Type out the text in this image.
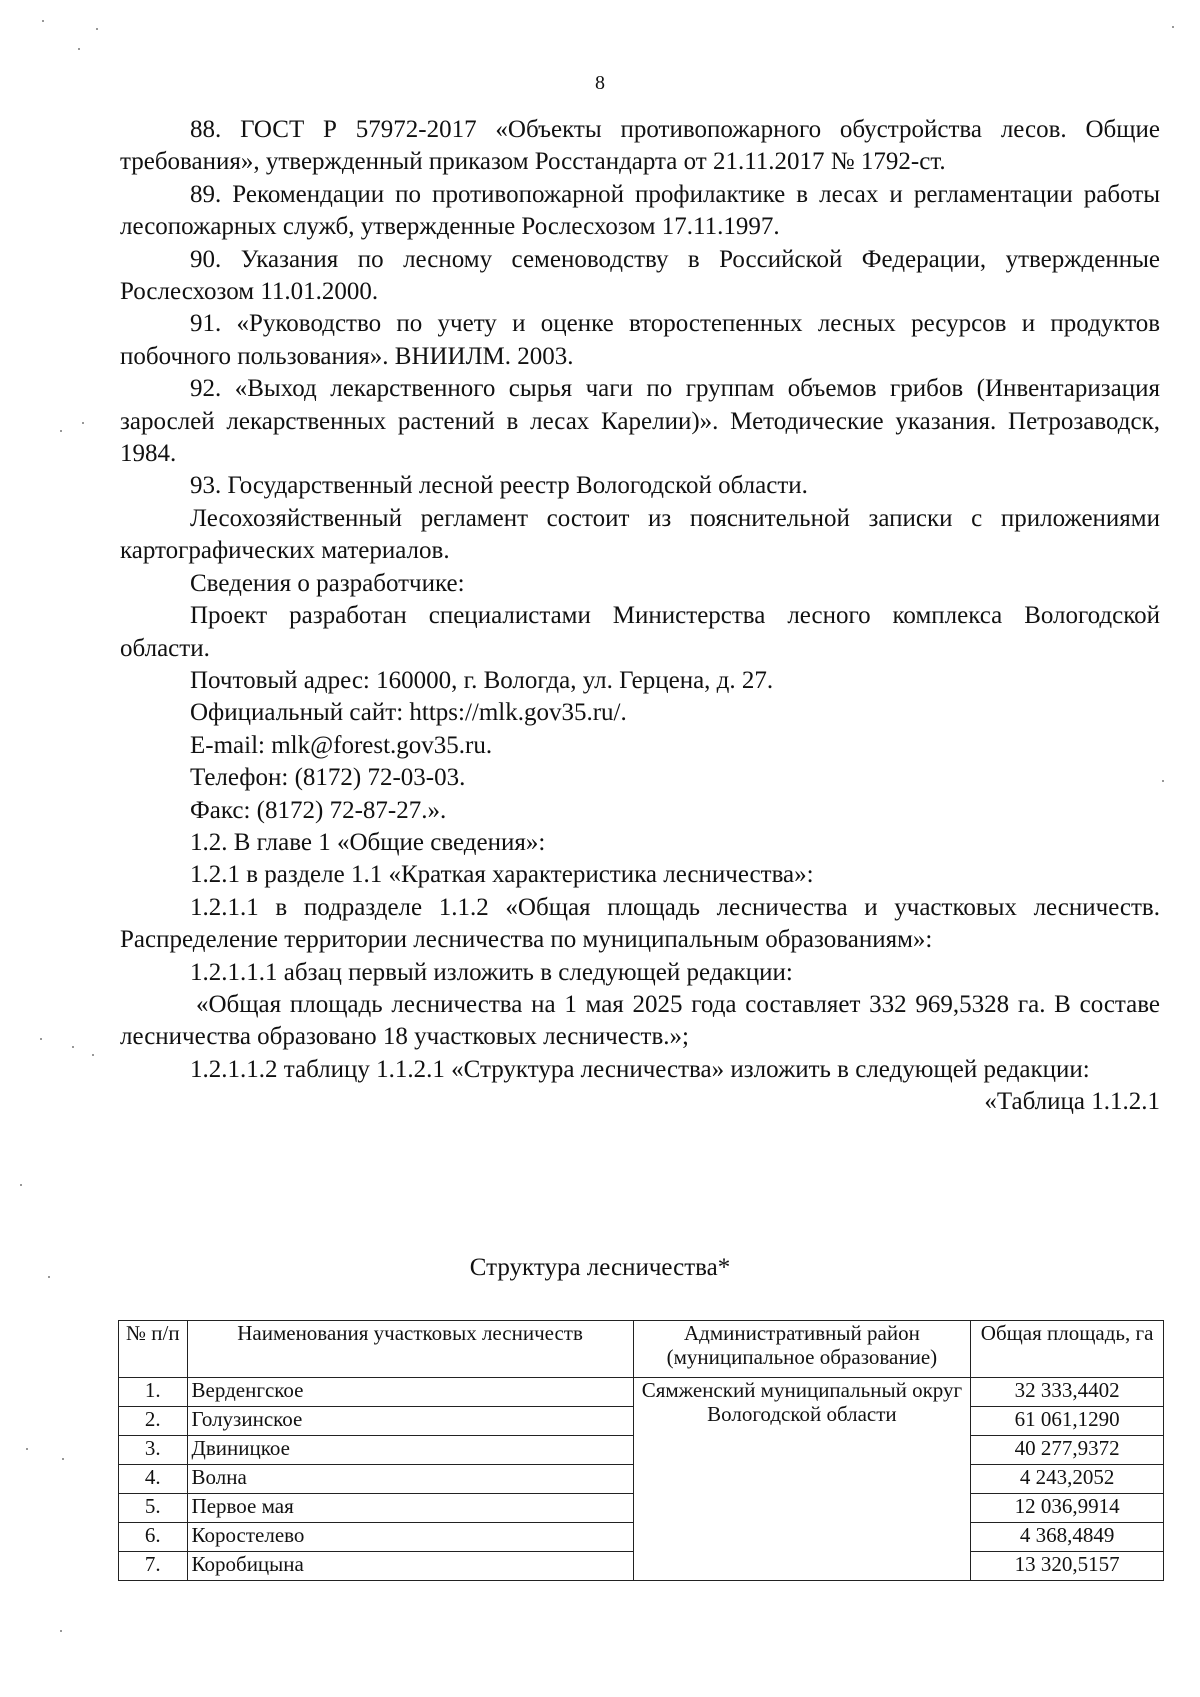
8

88. ГОСТ Р 57972-2017 «Объекты противопожарного обустройства лесов. Общие требования», утвержденный приказом Росстандарта от 21.11.2017 № 1792-ст.

89. Рекомендации по противопожарной профилактике в лесах и регламентации работы лесопожарных служб, утвержденные Рослесхозом 17.11.1997.

90. Указания по лесному семеноводству в Российской Федерации, утвержденные Рослесхозом 11.01.2000.

91. «Руководство по учету и оценке второстепенных лесных ресурсов и продуктов побочного пользования». ВНИИЛМ. 2003.

92. «Выход лекарственного сырья чаги по группам объемов грибов (Инвентаризация зарослей лекарственных растений в лесах Карелии)». Методические указания. Петрозаводск, 1984.

93. Государственный лесной реестр Вологодской области.

Лесохозяйственный регламент состоит из пояснительной записки с приложениями картографических материалов.

Сведения о разработчике:

Проект разработан специалистами Министерства лесного комплекса Вологодской области.

Почтовый адрес: 160000, г. Вологда, ул. Герцена, д. 27.

Официальный сайт: https://mlk.gov35.ru/.

E-mail: mlk@forest.gov35.ru.

Телефон: (8172) 72-03-03.

Факс: (8172) 72-87-27.».

1.2. В главе 1 «Общие сведения»:

1.2.1 в разделе 1.1 «Краткая характеристика лесничества»:

1.2.1.1 в подразделе 1.1.2 «Общая площадь лесничества и участковых лесничеств. Распределение территории лесничества по муниципальным образованиям»:

1.2.1.1.1 абзац первый изложить в следующей редакции:

«Общая площадь лесничества на 1 мая 2025 года составляет 332 969,5328 га. В составе лесничества образовано 18 участковых лесничеств.»;

1.2.1.1.2 таблицу 1.1.2.1 «Структура лесничества» изложить в следующей редакции:

«Таблица 1.1.2.1

Структура лесничества*
№ п/п	Наименования участковых лесничеств	Административный район (муниципальное образование)	Общая площадь, га
1.	Верденгское	Сямженский муниципальный округ Вологодской области	32 333,4402
2.	Голузинское		61 061,1290
3.	Двиницкое		40 277,9372
4.	Волна		4 243,2052
5.	Первое мая		12 036,9914
6.	Коростелево		4 368,4849
7.	Коробицына		13 320,5157
